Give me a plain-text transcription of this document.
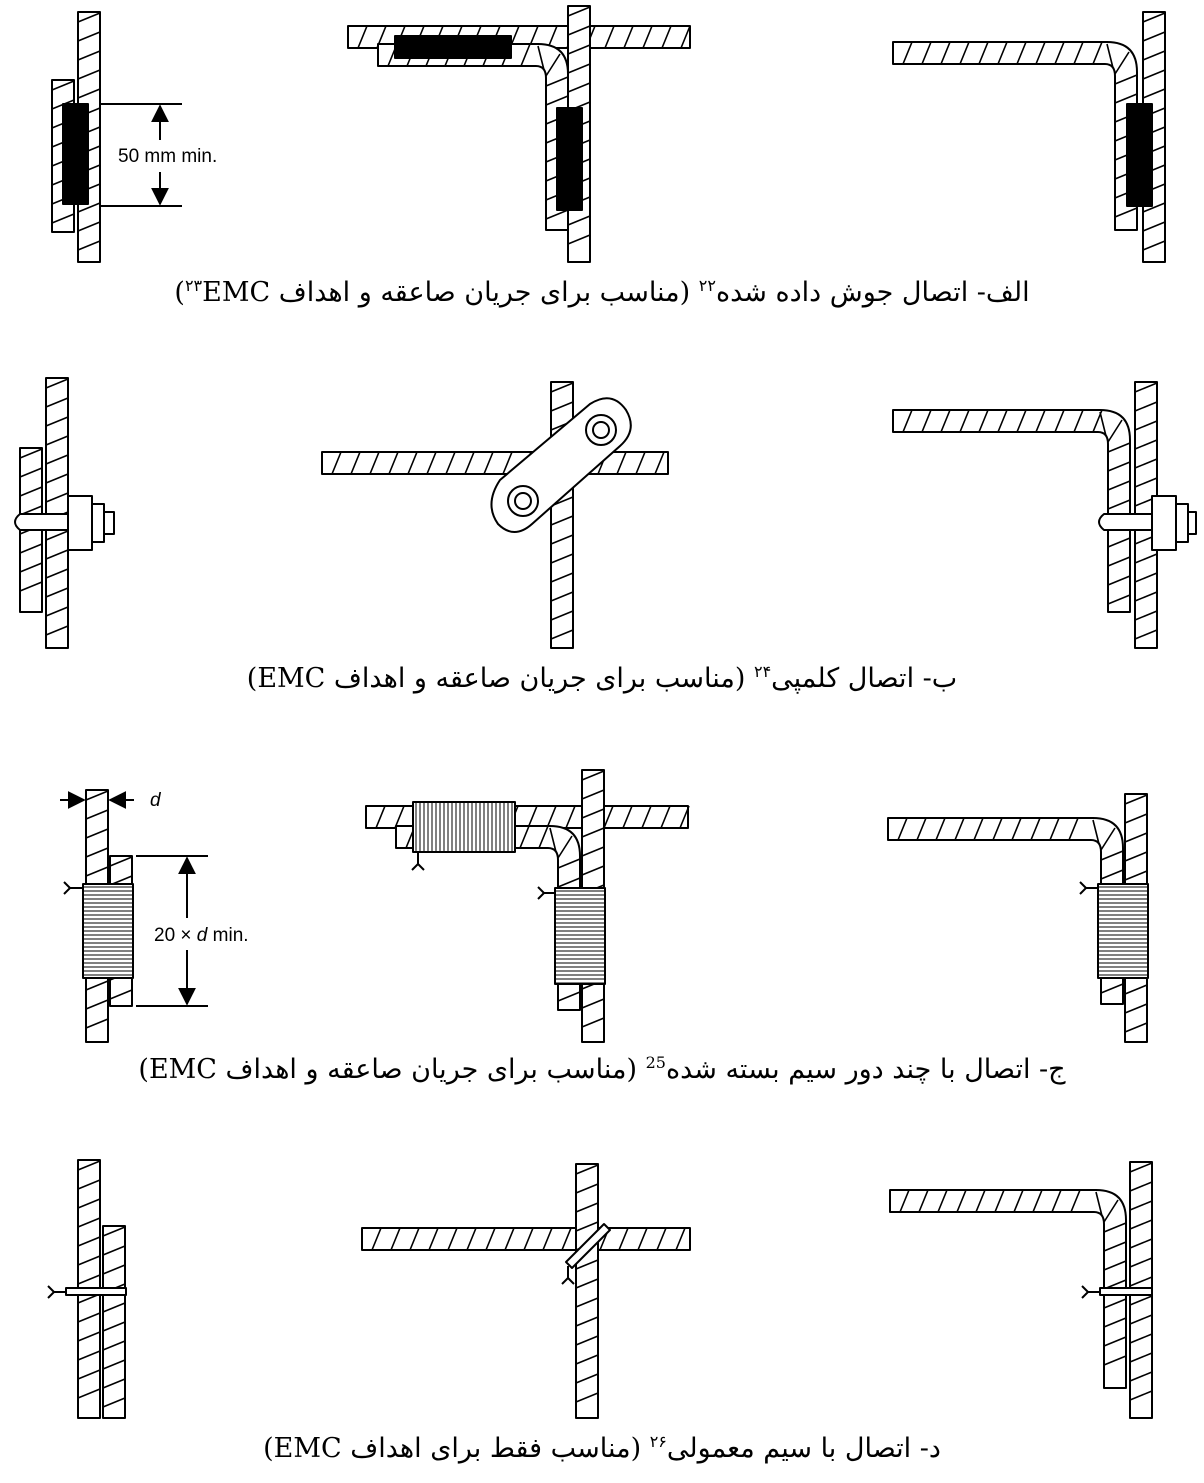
50 mm min.
d
20 × d min.
الف- اتصال جوش داده شده$^{۲۲}$ (مناسب برای جریان صاعقه و اهداف EMC$^{۲۳}$)
ب- اتصال کلمپی$^{۲۴}$ (مناسب برای جریان صاعقه و اهداف EMC)
ج- اتصال با چند دور سیم بسته شده$^{25}$ (مناسب برای جریان صاعقه و اهداف EMC)
د- اتصال با سیم معمولی$^{۲۶}$ (مناسب فقط برای اهداف EMC)
